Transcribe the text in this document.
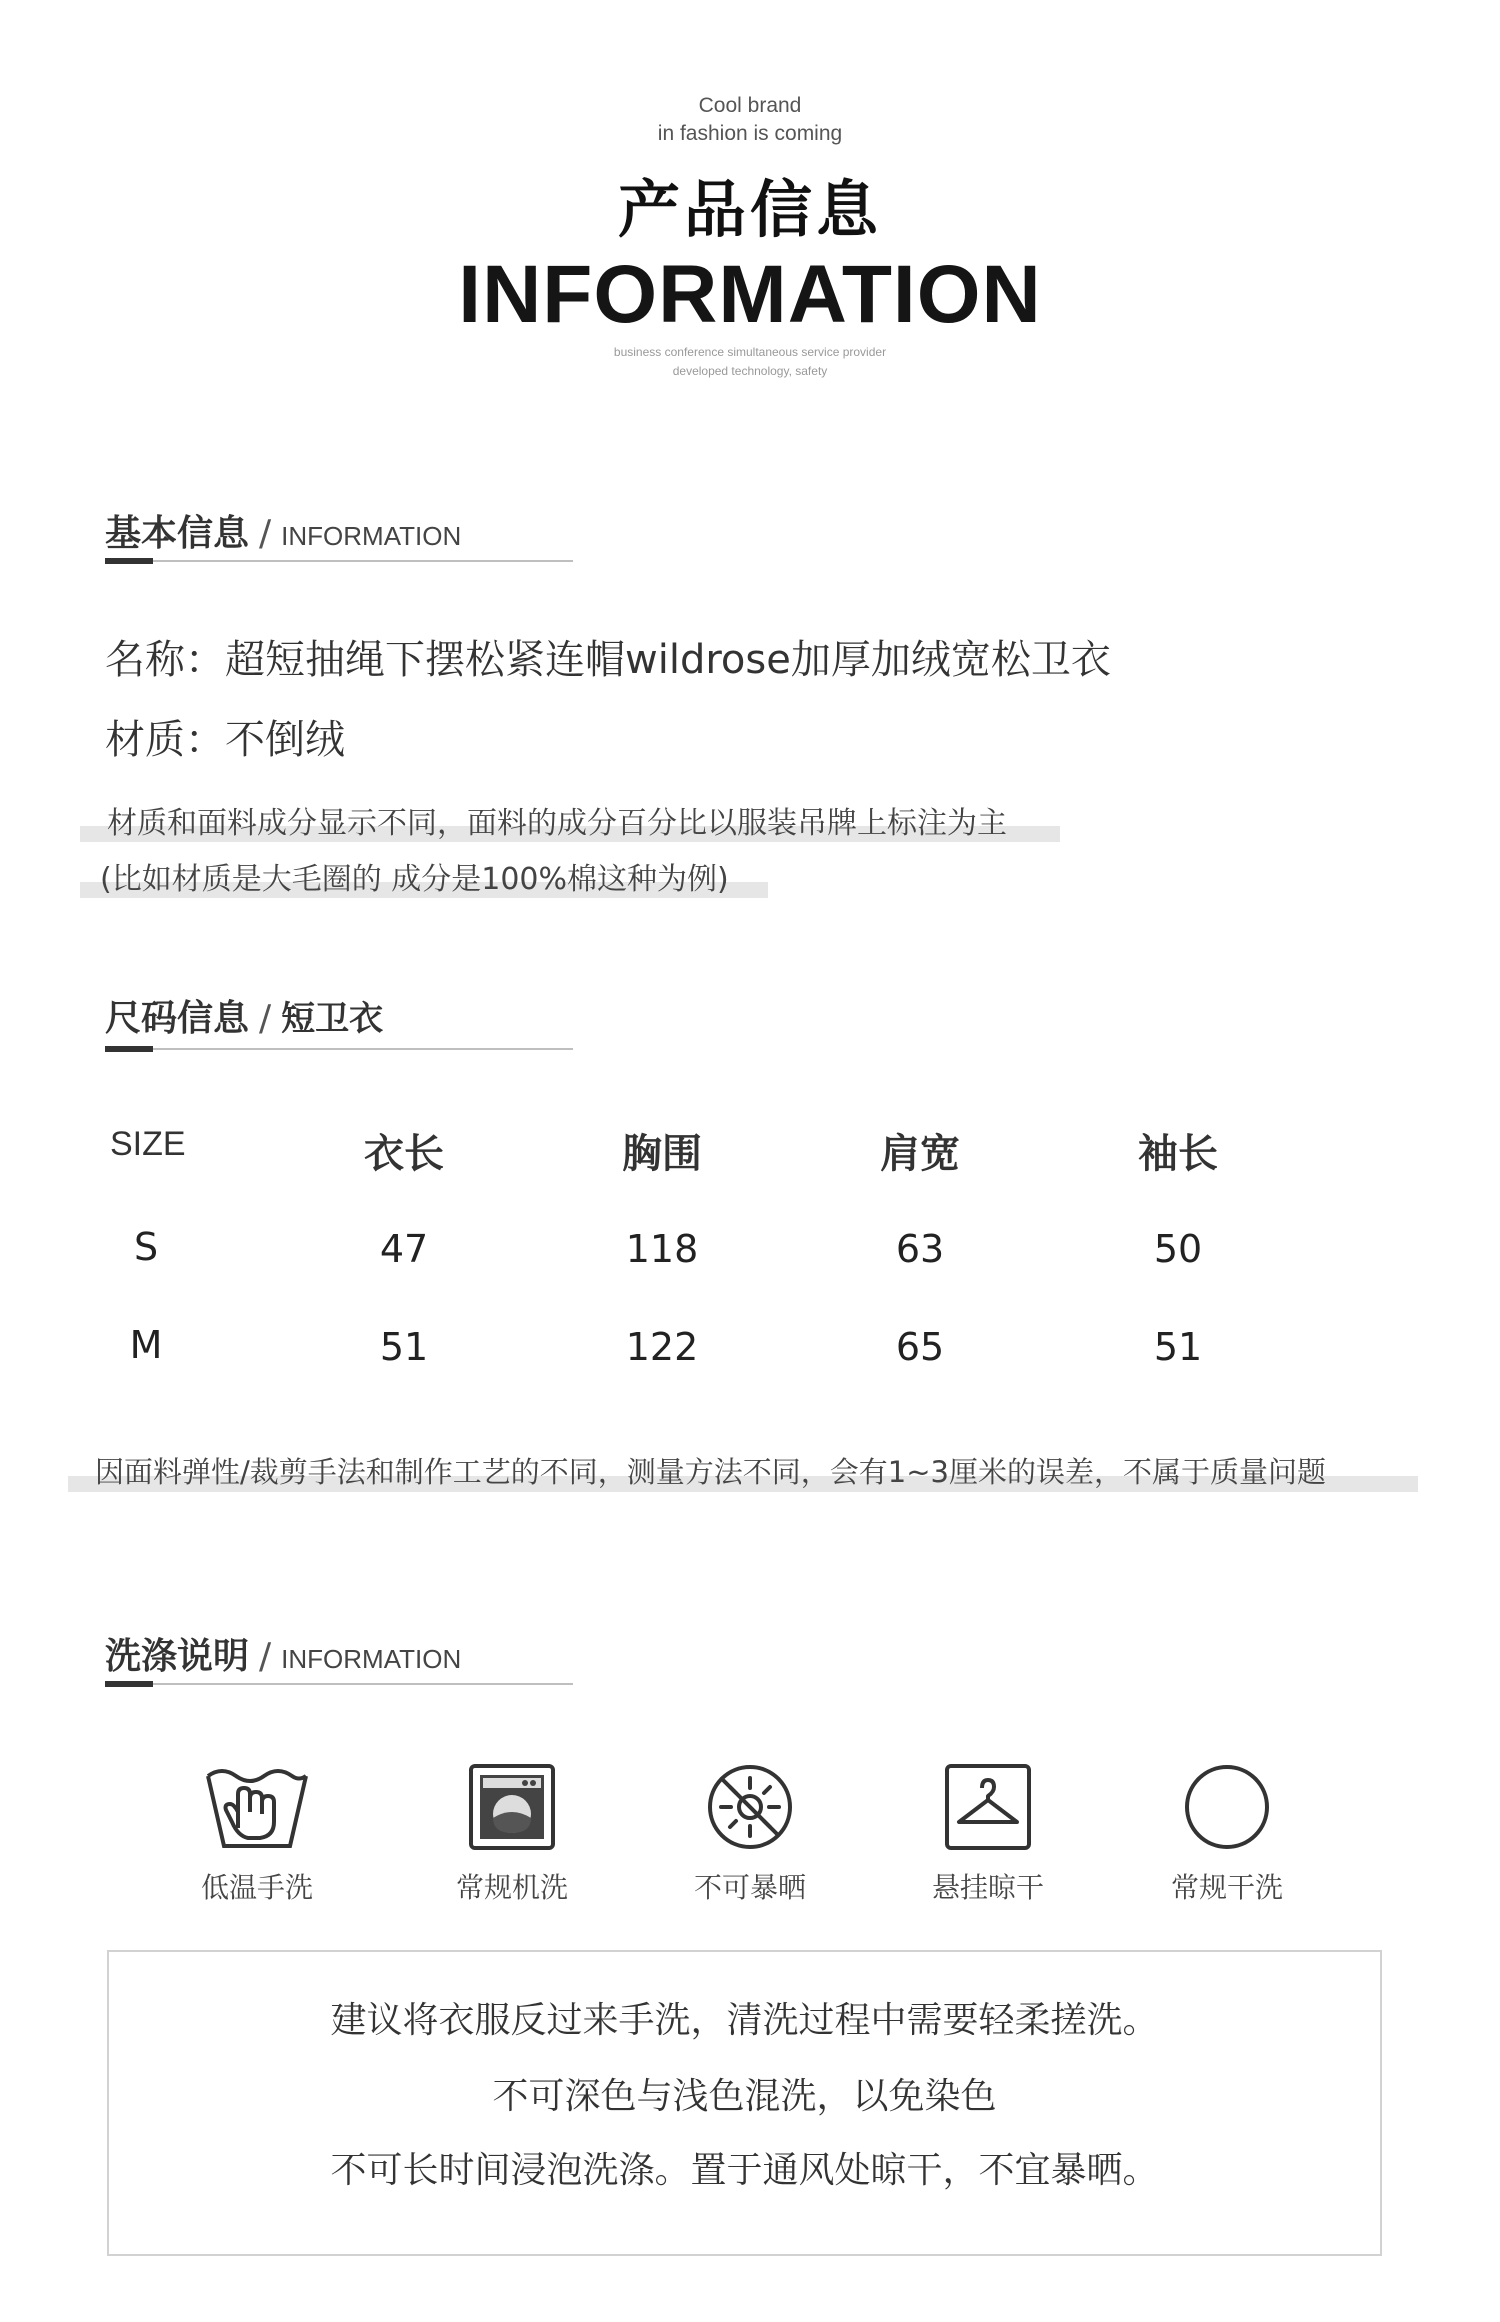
Cool brand
in fashion is coming
产品信息
INFORMATION
business conference simultaneous service provider
developed technology, safety
基本信息 / INFORMATION
名称：超短抽绳下摆松紧连帽wildrose加厚加绒宽松卫衣
材质：不倒绒
材质和面料成分显示不同，面料的成分百分比以服装吊牌上标注为主
(比如材质是大毛圈的 成分是100%棉这种为例)
尺码信息 / 短卫衣
SIZE	衣长	胸围	肩宽	袖长
S	47	118	63	50
M	51	122	65	51
因面料弹性/裁剪手法和制作工艺的不同，测量方法不同，会有1~3厘米的误差，不属于质量问题
洗涤说明 / INFORMATION
低温手洗	常规机洗	不可暴晒	悬挂晾干	常规干洗
建议将衣服反过来手洗，清洗过程中需要轻柔搓洗。
不可深色与浅色混洗，以免染色
不可长时间浸泡洗涤。置于通风处晾干，不宜暴晒。
